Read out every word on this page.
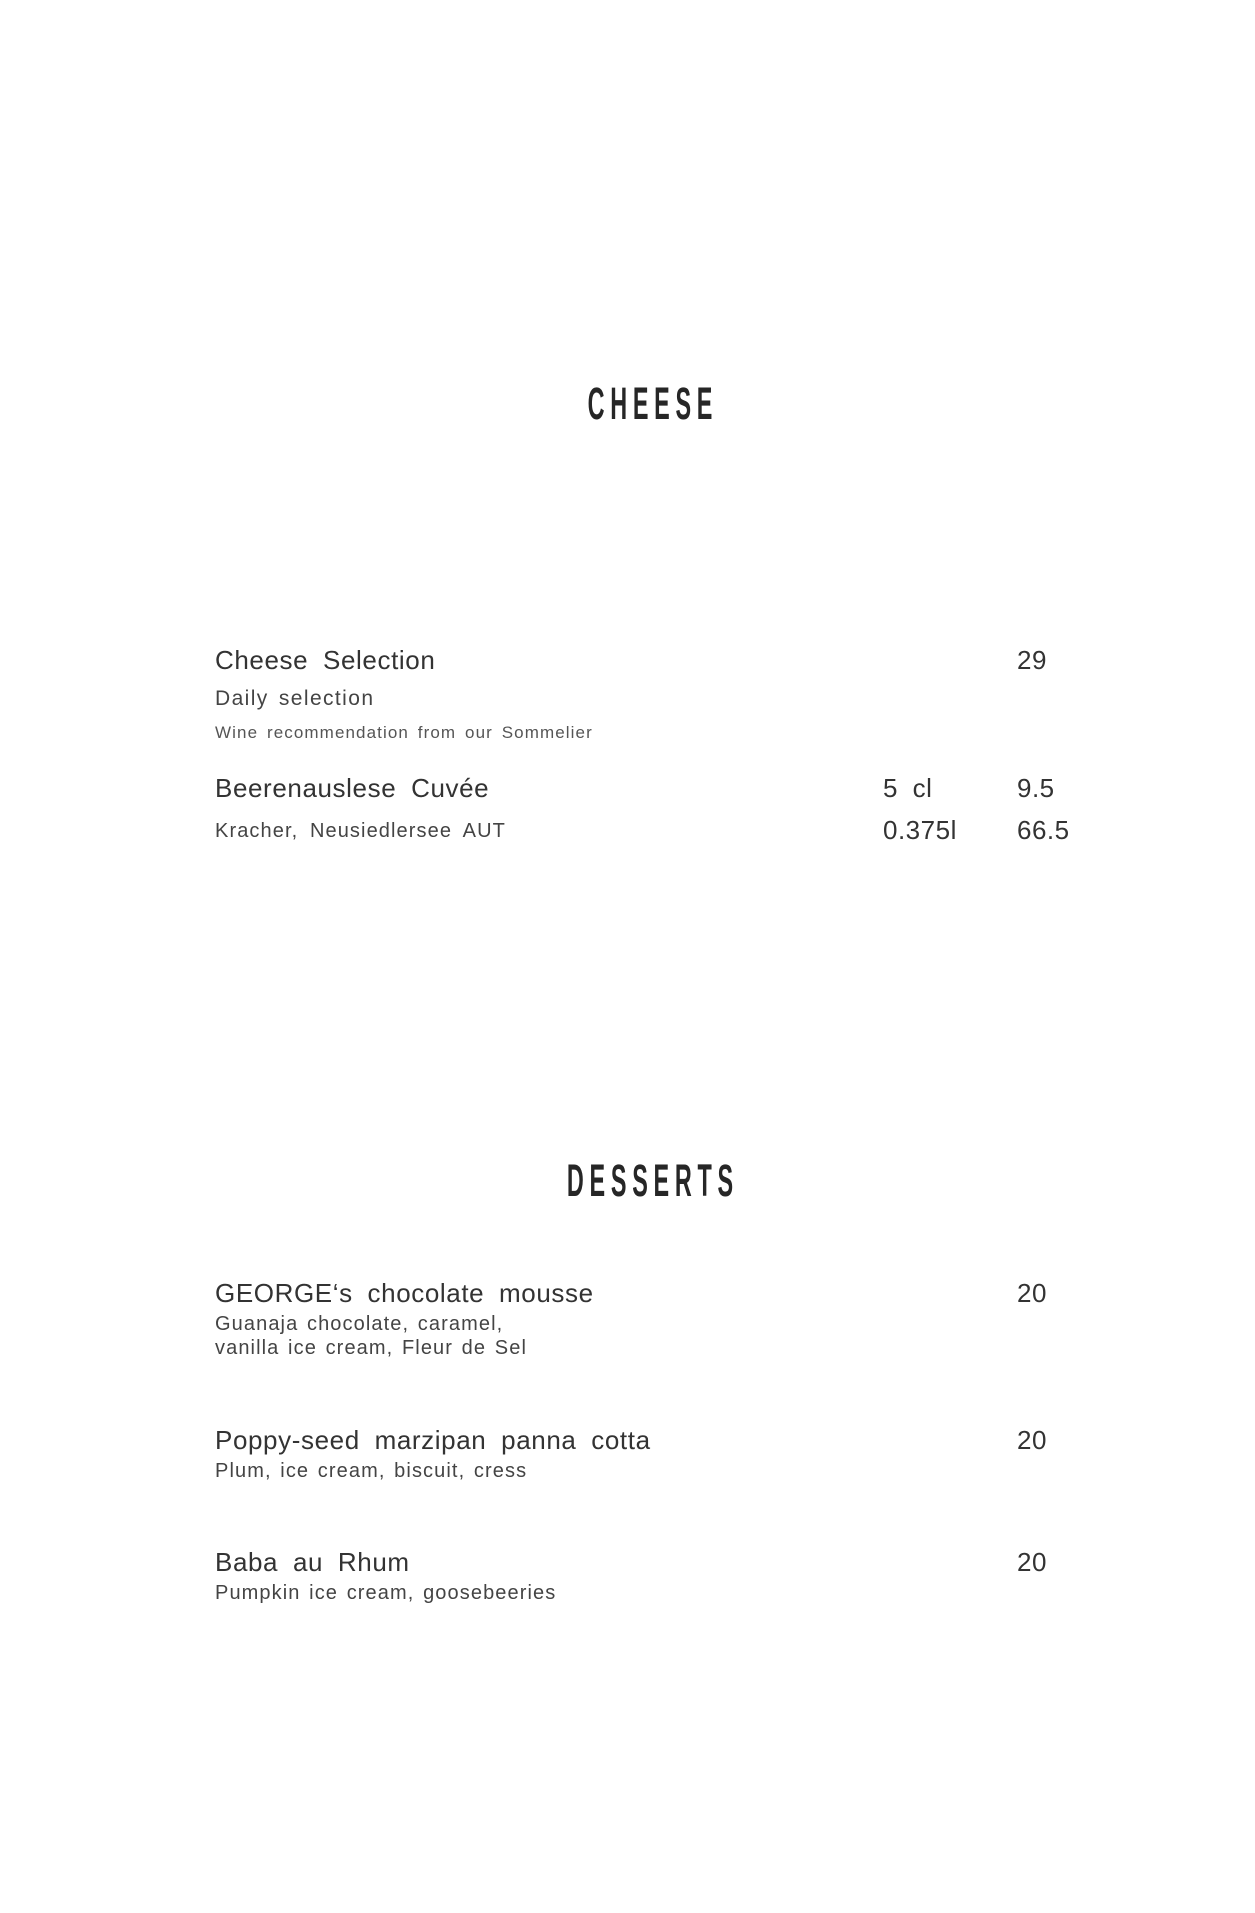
CHEESE
Cheese Selection	29
Daily selection
Wine recommendation from our Sommelier
Beerenauslese Cuvée	5 cl	9.5
Kracher, Neusiedlersee AUT	0.375l 66.5
DESSERTS
GEORGE‘s chocolate mousse	20
Guanaja chocolate, caramel,
vanilla ice cream, Fleur de Sel
Poppy-seed marzipan panna cotta	20
Plum, ice cream, biscuit, cress
Baba au Rhum	20
Pumpkin ice cream, goosebeeries
